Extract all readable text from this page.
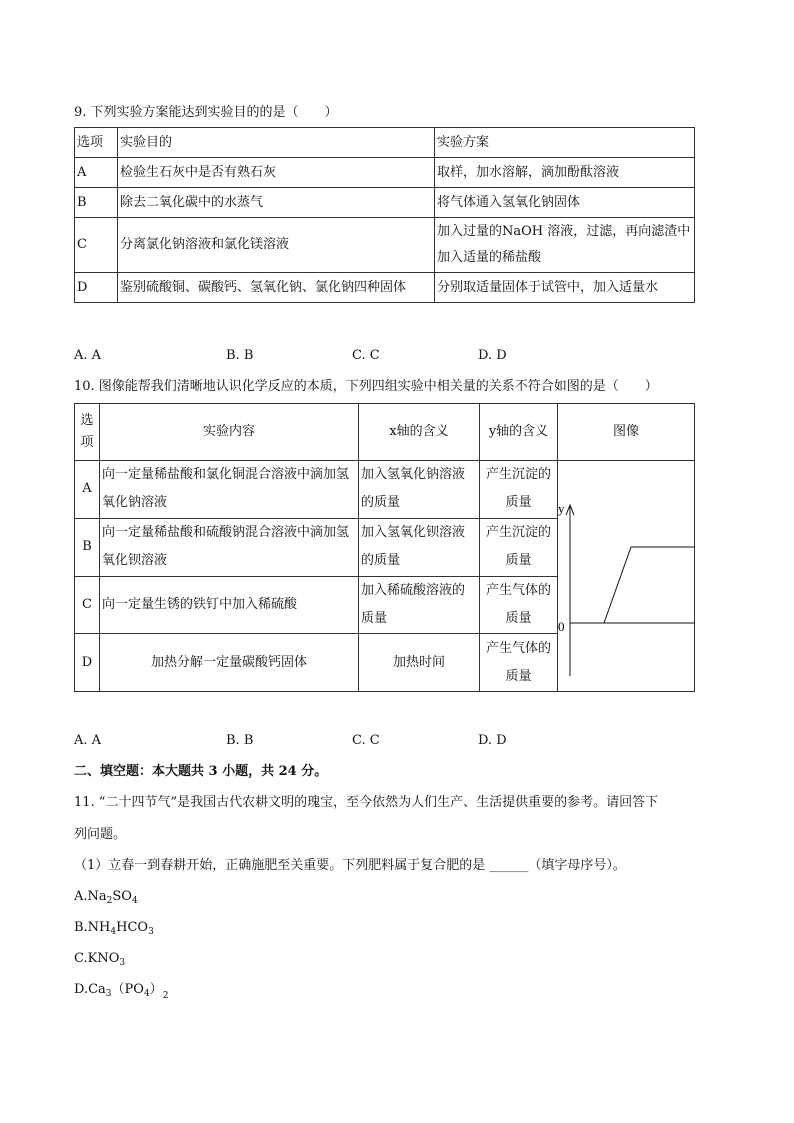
9. 下列实验方案能达到实验目的的是（　　）
选项	实验目的	实验方案
A	检验生石灰中是否有熟石灰	取样，加水溶解，滴加酚酞溶液
B	除去二氧化碳中的水蒸气	将气体通入氢氧化钠固体
C	分离氯化钠溶液和氯化镁溶液	加入过量的NaOH 溶液，过滤，再向滤渣中加入适量的稀盐酸
D	鉴别硫酸铜、碳酸钙、氢氧化钠、氯化钠四种固体	分别取适量固体于试管中，加入适量水
A. A	B. B	C. C	D. D
10. 图像能帮我们清晰地认识化学反应的本质，下列四组实验中相关量的关系不符合如图的是（　　）
选项	实验内容	x轴的含义	y轴的含义	图像
A	向一定量稀盐酸和氯化铜混合溶液中滴加氢氧化钠溶液	加入氢氧化钠溶液的质量	产生沉淀的质量	y
0

B	向一定量稀盐酸和硫酸钠混合溶液中滴加氢氧化钡溶液	加入氢氧化钡溶液的质量	产生沉淀的质量	
C	向一定量生锈的铁钉中加入稀硫酸	加入稀硫酸溶液的质量	产生气体的质量	
D	加热分解一定量碳酸钙固体	加热时间	产生气体的质量	
A. A	B. B	C. C	D. D
二、填空题：本大题共 3 小题，共 24 分。
11. “二十四节气”是我国古代农耕文明的瑰宝，至今依然为人们生产、生活提供重要的参考。请回答下
列问题。
（1）立春一到春耕开始，正确施肥至关重要。下列肥料属于复合肥的是 ______（填字母序号）。
$A.Na_2SO_4$
$B.NH_4HCO_3$
$C.KNO_3$
$D.Ca_3(PO_4)_2$
